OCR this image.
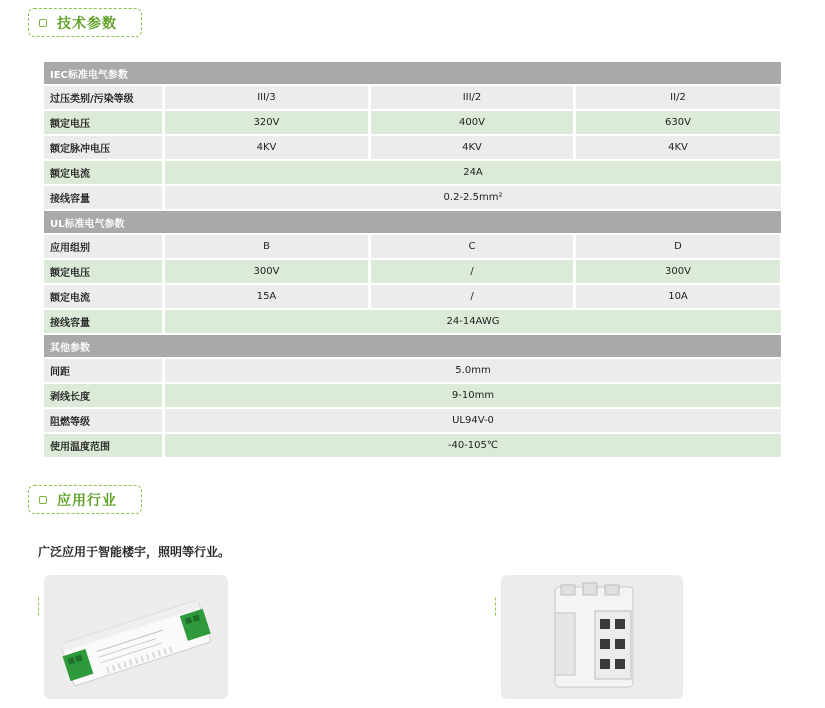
技术参数
IEC标准电气参数
过压类别/污染等级	III/3	III/2	II/2
额定电压	320V	400V	630V
额定脉冲电压	4KV	4KV	4KV
额定电流	24A
接线容量	0.2-2.5mm²
UL标准电气参数
应用组别	B	C	D
额定电压	300V	/	300V
额定电流	15A	/	10A
接线容量	24-14AWG
其他参数
间距	5.0mm
剥线长度	9-10mm
阻燃等级	UL94V-0
使用温度范围	-40-105℃
应用行业
广泛应用于智能楼宇，照明等行业。
